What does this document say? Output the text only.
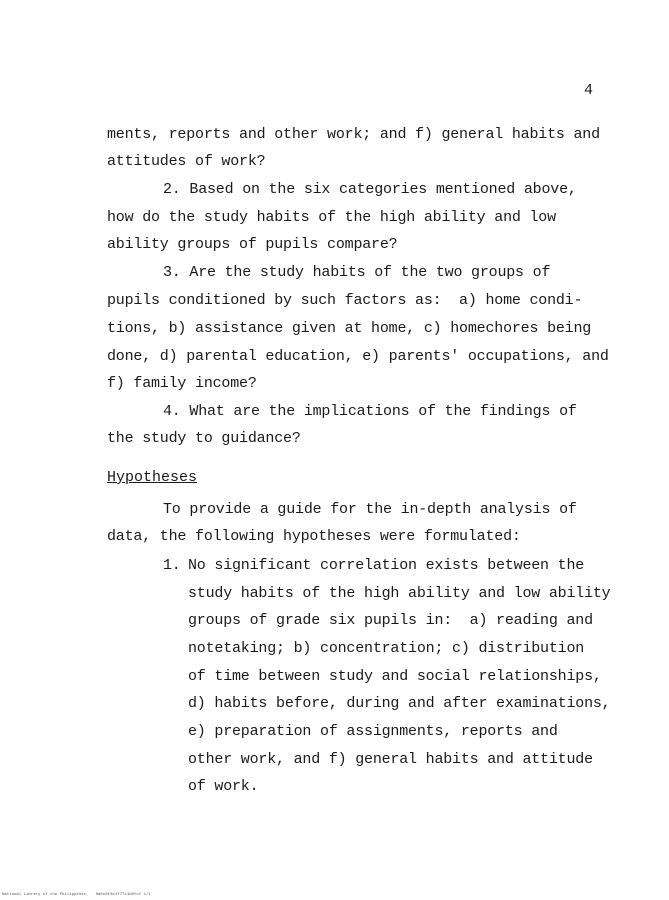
4
ments, reports and other work; and f) general habits and
attitudes of work?
2. Based on the six categories mentioned above,
how do the study habits of the high ability and low
ability groups of pupils compare?
3. Are the study habits of the two groups of
pupils conditioned by such factors as:  a) home condi-
tions, b) assistance given at home, c) homechores being
done, d) parental education, e) parents' occupations, and
f) family income?
4. What are the implications of the findings of
the study to guidance?
Hypotheses
To provide a guide for the in-depth analysis of
data, the following hypotheses were formulated:
1. No significant correlation exists between the
study habits of the high ability and low ability
groups of grade six pupils in:  a) reading and
notetaking; b) concentration; c) distribution
of time between study and social relationships,
d) habits before, during and after examinations,
e) preparation of assignments, reports and
other work, and f) general habits and attitude
of work.
National Library of the Philippines    8a0c8f3e1f77c1b0fcf 1/1
